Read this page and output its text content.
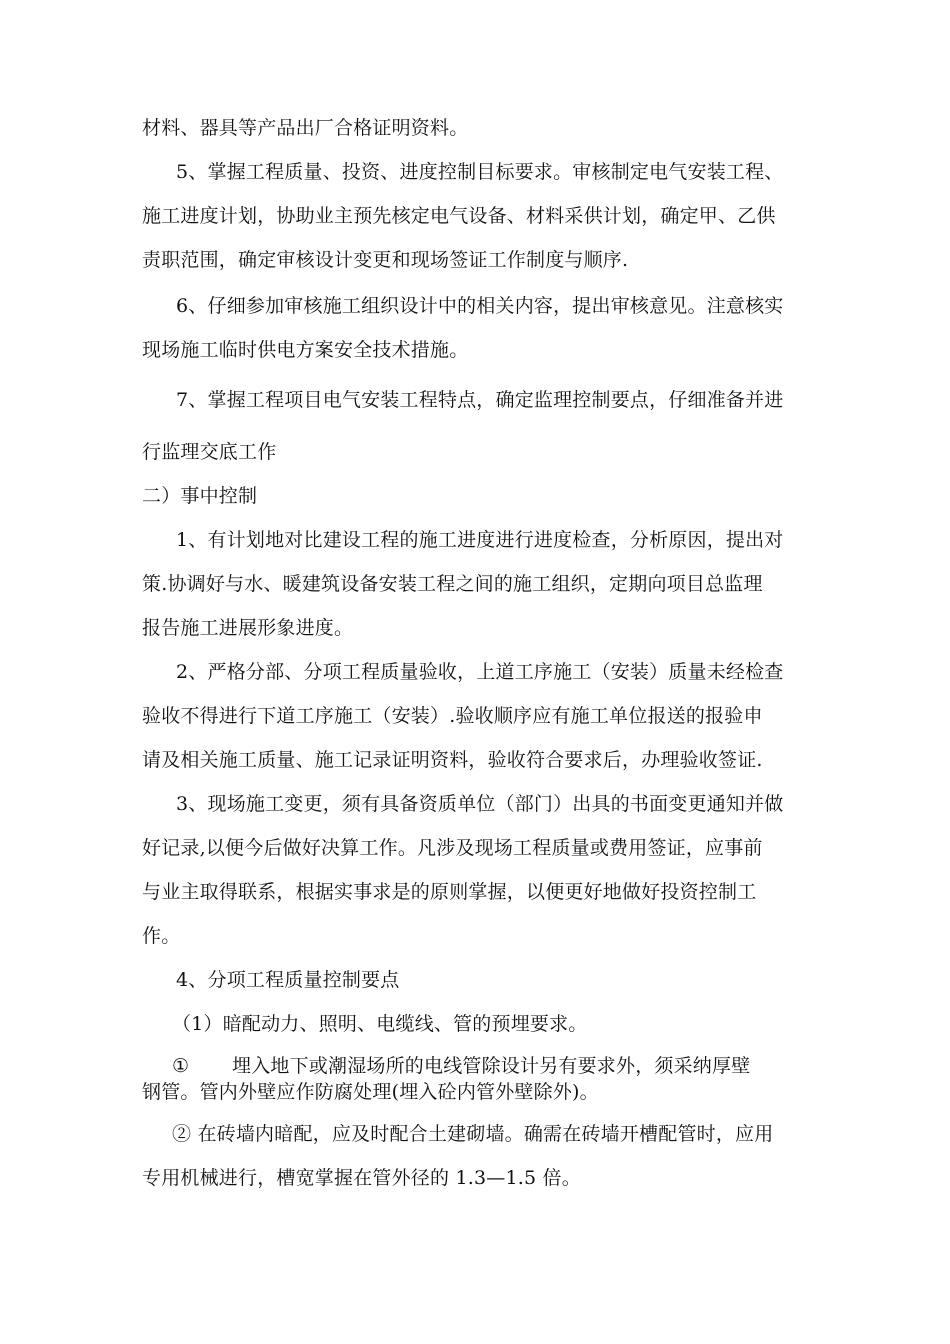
材料、器具等产品出厂合格证明资料。
5、掌握工程质量、投资、进度控制目标要求。审核制定电气安装工程、
施工进度计划，协助业主预先核定电气设备、材料采供计划，确定甲、乙供
责职范围，确定审核设计变更和现场签证工作制度与顺序.
6、仔细参加审核施工组织设计中的相关内容，提出审核意见。注意核实
现场施工临时供电方案安全技术措施。
7、掌握工程项目电气安装工程特点，确定监理控制要点，仔细准备并进
行监理交底工作
二）事中控制
1、有计划地对比建设工程的施工进度进行进度检查，分析原因，提出对
策.协调好与水、暖建筑设备安装工程之间的施工组织，定期向项目总监理
报告施工进展形象进度。
2、严格分部、分项工程质量验收，上道工序施工（安装）质量未经检查
验收不得进行下道工序施工（安装）.验收顺序应有施工单位报送的报验申
请及相关施工质量、施工记录证明资料，验收符合要求后，办理验收签证.
3、现场施工变更，须有具备资质单位（部门）出具的书面变更通知并做
好记录,以便今后做好决算工作。凡涉及现场工程质量或费用签证，应事前
与业主取得联系，根据实事求是的原则掌握，以便更好地做好投资控制工
作。
4、分项工程质量控制要点
（1）暗配动力、照明、电缆线、管的预埋要求。
① 埋入地下或潮湿场所的电线管除设计另有要求外，须采纳厚壁
钢管。管内外壁应作防腐处理(埋入砼内管外壁除外)。
② 在砖墙内暗配，应及时配合土建砌墙。确需在砖墙开槽配管时，应用
专用机械进行，槽宽掌握在管外径的 1.3—1.5 倍。
